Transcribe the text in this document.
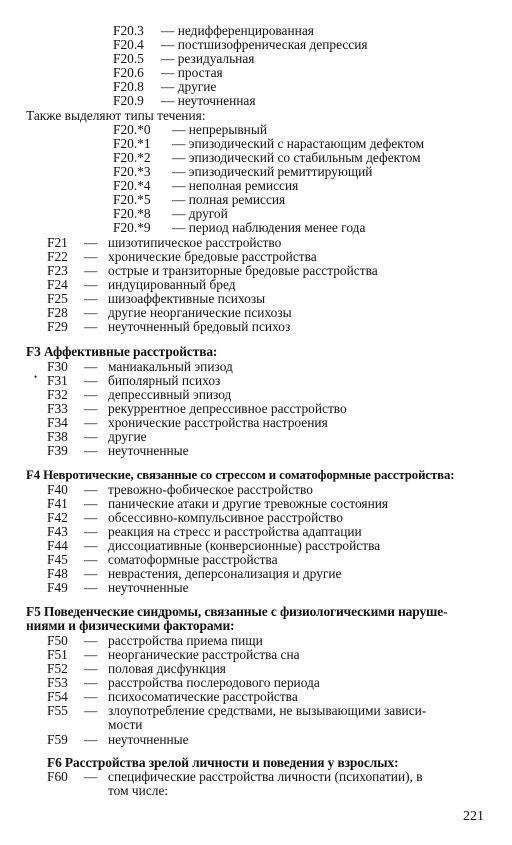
F20.3 — недифференцированная
F20.4 — постшизофреническая депрессия
F20.5 — резидуальная
F20.6 — простая
F20.8 — другие
F20.9 — неуточненная
Также выделяют типы течения:
F20.*0 — непрерывный
F20.*1 — эпизодический с нарастающим дефектом
F20.*2 — эпизодический со стабильным дефектом
F20.*3 — эпизодический ремиттирующий
F20.*4 — неполная ремиссия
F20.*5 — полная ремиссия
F20.*8 — другой
F20.*9 — период наблюдения менее года
F21 — шизотипическое расстройство
F22 — хронические бредовые расстройства
F23 — острые и транзиторные бредовые расстройства
F24 — индуцированный бред
F25 — шизоаффективные психозы
F28 — другие неорганические психозы
F29 — неуточненный бредовый психоз
F3 Аффективные расстройства:
•
F30 — маниакальный эпизод
F31 — биполярный психоз
F32 — депрессивный эпизод
F33 — рекуррентное депрессивное расстройство
F34 — хронические расстройства настроения
F38 — другие
F39 — неуточненные
F4 Невротические, связанные со стрессом и соматоформные расстройства:
F40 — тревожно-фобическое расстройство
F41 — панические атаки и другие тревожные состояния
F42 — обсессивно-компульсивное расстройство
F43 — реакция на стресс и расстройства адаптации
F44 — диссоциативные (конверсионные) расстройства
F45 — соматоформные расстройства
F48 — неврастения, деперсонализация и другие
F49 — неуточненные
F5 Поведенческие синдромы, связанные с физиологическими наруше-
ниями и физическими факторами:
F50 — расстройства приема пищи
F51 — неорганические расстройства сна
F52 — половая дисфункция
F53 — расстройства послеродового периода
F54 — психосоматические расстройства
F55 — злоупотребление средствами, не вызывающими зависи-
мости
F59 — неуточненные
F6 Расстройства зрелой личности и поведения у взрослых:
F60 — специфические расстройства личности (психопатии), в
том числе:
221
